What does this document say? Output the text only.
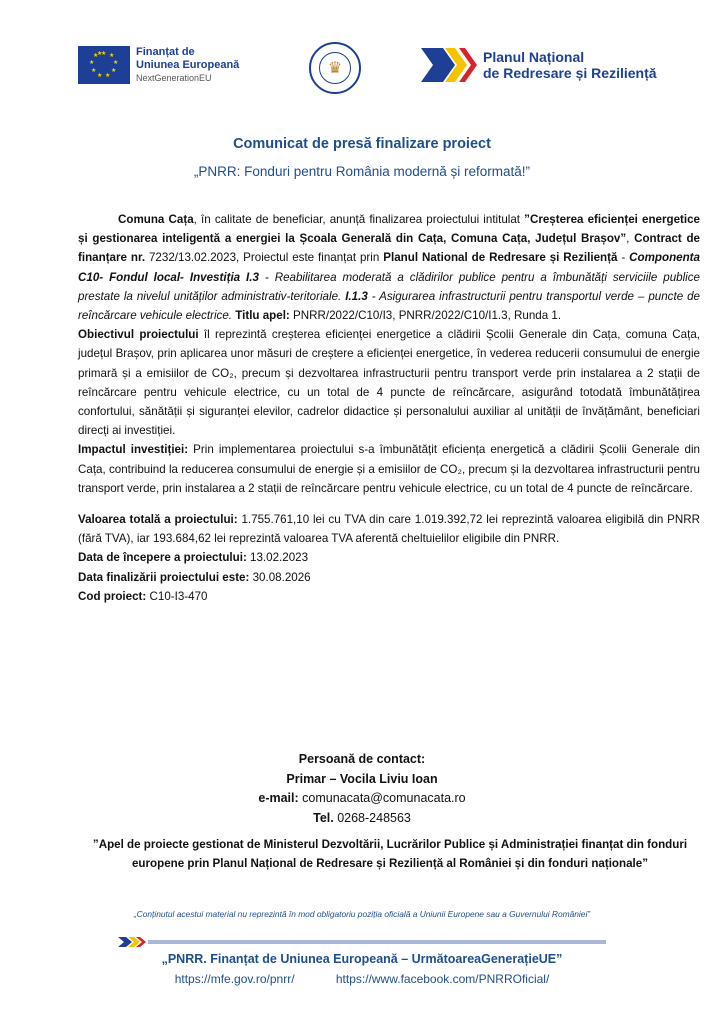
★ ★
★
★
★
★
★
★
★
★	Finanțat de
Uniunea Europeană
NextGenerationEU
♛
Planul Național
de Redresare și Reziliență
Comunicat de presă finalizare proiect
„PNRR: Fonduri pentru România modernă și reformată!”

Comuna Cața, în calitate de beneficiar, anunță finalizarea proiectului intitulat ”Creșterea eficienței energetice și gestionarea inteligentă a energiei la Școala Generală din Cața, Comuna Cața, Județul Brașov”, Contract de finanțare nr. 7232/13.02.2023, Proiectul este finanțat prin Planul National de Redresare și Reziliență - Componenta C10- Fondul local- Investiția I.3 - Reabilitarea moderată a clădirilor publice pentru a îmbunătăți serviciile publice prestate la nivelul unităților administrativ-teritoriale. I.1.3 - Asigurarea infrastructurii pentru transportul verde – puncte de reîncărcare vehicule electrice. Titlu apel: PNRR/2022/C10/I3, PNRR/2022/C10/I1.3, Runda 1.

Obiectivul proiectului îl reprezintă creșterea eficienței energetice a clădirii Școlii Generale din Cața, comuna Cața, județul Brașov, prin aplicarea unor măsuri de creștere a eficienței energetice, în vederea reducerii consumului de energie primară și a emisiilor de CO₂, precum și dezvoltarea infrastructurii pentru transport verde prin instalarea a 2 stații de reîncărcare pentru vehicule electrice, cu un total de 4 puncte de reîncărcare, asigurând totodată îmbunătățirea confortului, sănătății și siguranței elevilor, cadrelor didactice și personalului auxiliar al unității de învățământ, beneficiari direcți ai investiției.

Impactul investiției: Prin implementarea proiectului s-a îmbunătățit eficiența energetică a clădirii Școlii Generale din Cața, contribuind la reducerea consumului de energie și a emisiilor de CO₂, precum și la dezvoltarea infrastructurii pentru transport verde, prin instalarea a 2 stații de reîncărcare pentru vehicule electrice, cu un total de 4 puncte de reîncărcare.

Valoarea totală a proiectului: 1.755.761,10 lei cu TVA din care 1.019.392,72 lei reprezintă valoarea eligibilă din PNRR (fără TVA), iar 193.684,62 lei reprezintă valoarea TVA aferentă cheltuielilor eligibile din PNRR.

Data de începere a proiectului: 13.02.2023

Data finalizării proiectului este: 30.08.2026

Cod proiect: C10-I3-470

Persoană de contact:
Primar – Vocila Liviu Ioan
e-mail: comunacata@comunacata.ro
Tel. 0268-248563
”Apel de proiecte gestionat de Ministerul Dezvoltării, Lucrărilor Publice și Administrației finanțat din fonduri europene prin Planul Național de Redresare și Reziliență al României și din fonduri naționale”
„Conținutul acestui material nu reprezintă în mod obligatoriu poziția oficială a Uniunii Europene sau a Guvernului României”
„PNRR. Finanțat de Uniunea Europeană – UrmătoareaGenerațieUE”
https://mfe.gov.ro/pnrr/	https://www.facebook.com/PNRROficial/
